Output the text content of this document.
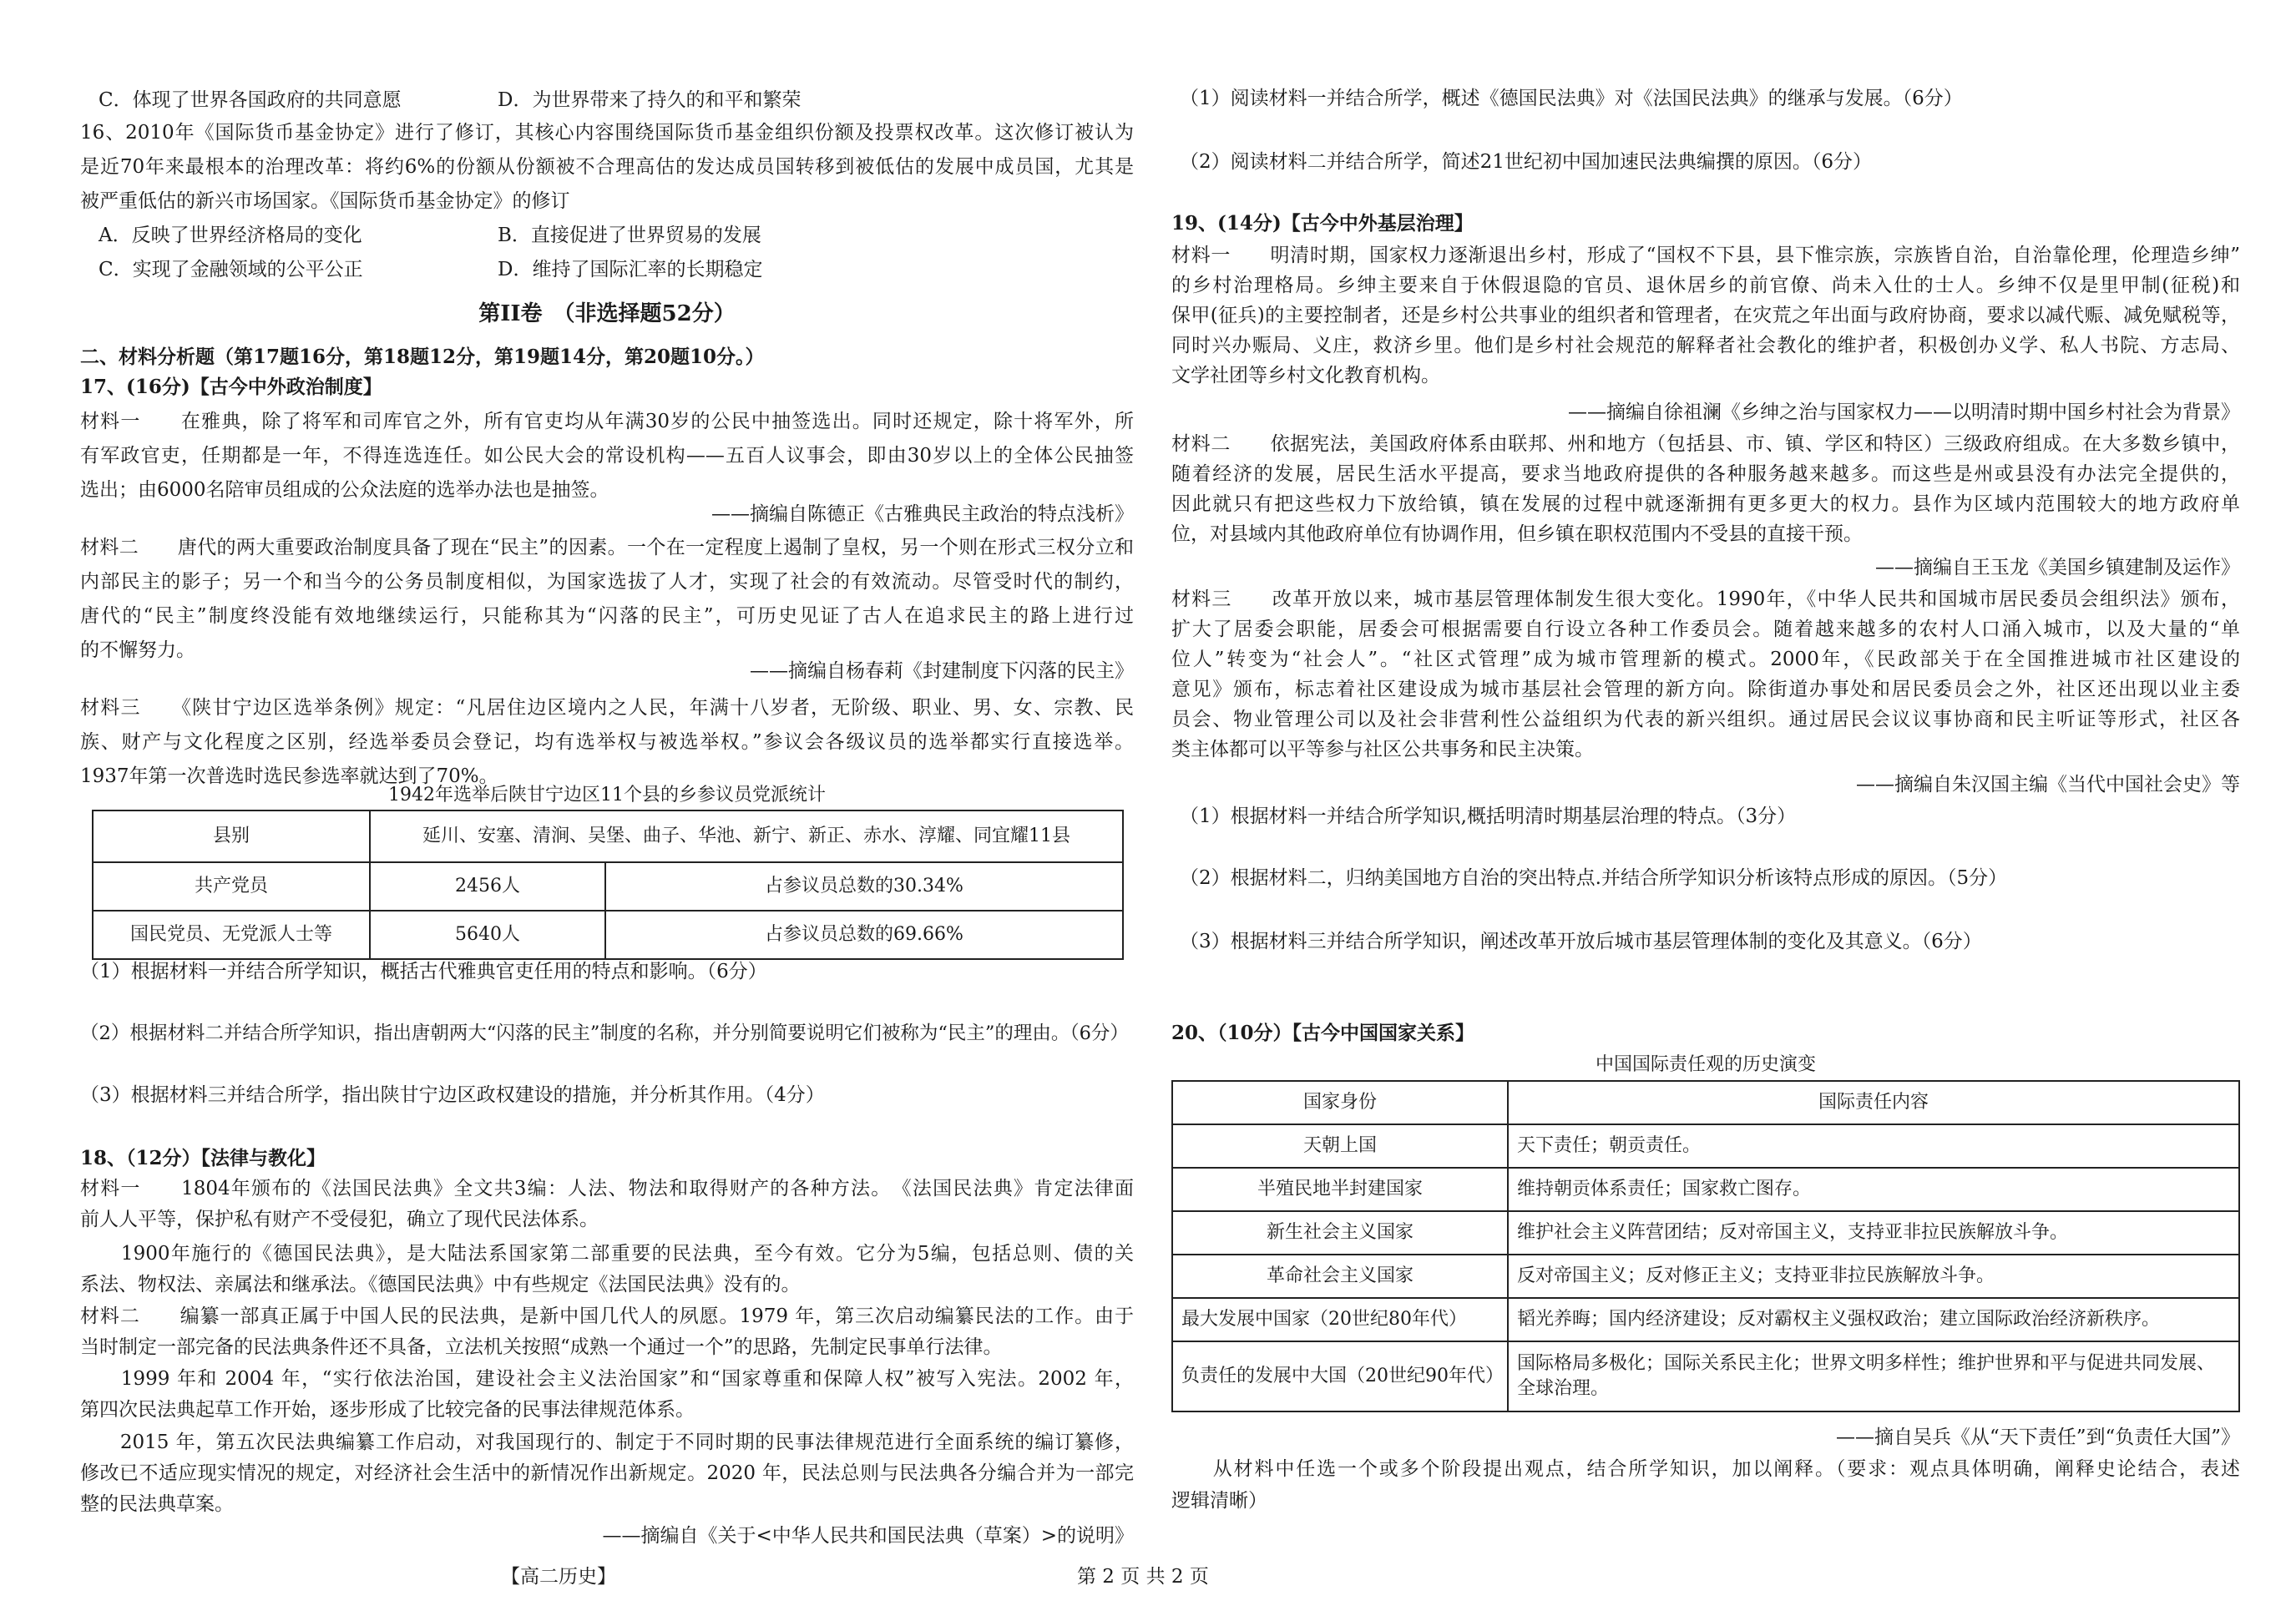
C．体现了世界各国政府的共同意愿	D．为世界带来了持久的和平和繁荣
16、2010年《国际货币基金协定》进行了修订，其核心内容围绕国际货币基金组织份额及投票权改革。这次修订被认为
是近70年来最根本的治理改革：将约6%的份额从份额被不合理高估的发达成员国转移到被低估的发展中成员国，尤其是
被严重低估的新兴市场国家。《国际货币基金协定》的修订
A．反映了世界经济格局的变化	B．直接促进了世界贸易的发展
C．实现了金融领域的公平公正	D．维持了国际汇率的长期稳定
第II卷　（非选择题52分）
二、材料分析题（第17题16分，第18题12分，第19题14分，第20题10分。）
17、(16分)【古今中外政治制度】
材料一　　在雅典，除了将军和司库官之外，所有官吏均从年满30岁的公民中抽签选出。同时还规定，除十将军外，所
有军政官吏，任期都是一年，不得连选连任。如公民大会的常设机构——五百人议事会，即由30岁以上的全体公民抽签
选出；由6000名陪审员组成的公众法庭的选举办法也是抽签。
——摘编自陈德正《古雅典民主政治的特点浅析》
材料二　　唐代的两大重要政治制度具备了现在“民主”的因素。一个在一定程度上遏制了皇权，另一个则在形式三权分立和
内部民主的影子；另一个和当今的公务员制度相似，为国家选拔了人才，实现了社会的有效流动。尽管受时代的制约，
唐代的“民主”制度终没能有效地继续运行，只能称其为“闪落的民主”，可历史见证了古人在追求民主的路上进行过
的不懈努力。
——摘编自杨春莉《封建制度下闪落的民主》
材料三　　《陕甘宁边区选举条例》规定：“凡居住边区境内之人民，年满十八岁者，无阶级、职业、男、女、宗教、民
族、财产与文化程度之区别，经选举委员会登记，均有选举权与被选举权。”参议会各级议员的选举都实行直接选举。
1937年第一次普选时选民参选率就达到了70%。
1942年选举后陕甘宁边区11个县的乡参议员党派统计
县别	延川、安塞、清涧、吴堡、曲子、华池、新宁、新正、赤水、淳耀、同宜耀11县	
共产党员	2456人	占参议员总数的30.34%
国民党员、无党派人士等	5640人	占参议员总数的69.66%
（1）根据材料一并结合所学知识，概括古代雅典官吏任用的特点和影响。（6分）
（2）根据材料二并结合所学知识，指出唐朝两大“闪落的民主”制度的名称，并分别简要说明它们被称为“民主”的理由。（6分）
（3）根据材料三并结合所学，指出陕甘宁边区政权建设的措施，并分析其作用。（4分）
18、（12分）【法律与教化】
材料一　　1804年颁布的《法国民法典》全文共3编：人法、物法和取得财产的各种方法。　《法国民法典》肯定法律面
前人人平等，保护私有财产不受侵犯，确立了现代民法体系。
　　1900年施行的《德国民法典》，是大陆法系国家第二部重要的民法典，至今有效。它分为5编，包括总则、债的关
系法、物权法、亲属法和继承法。《德国民法典》中有些规定《法国民法典》没有的。
材料二　　编纂一部真正属于中国人民的民法典，是新中国几代人的夙愿。1979 年，第三次启动编纂民法的工作。由于
当时制定一部完备的民法典条件还不具备，立法机关按照“成熟一个通过一个”的思路，先制定民事单行法律。
　　1999 年和 2004 年，“实行依法治国，建设社会主义法治国家”和“国家尊重和保障人权”被写入宪法。2002 年，
第四次民法典起草工作开始，逐步形成了比较完备的民事法律规范体系。
　　2015 年，第五次民法典编纂工作启动，对我国现行的、制定于不同时期的民事法律规范进行全面系统的编订纂修，
修改已不适应现实情况的规定，对经济社会生活中的新情况作出新规定。2020 年，民法总则与民法典各分编合并为一部完
整的民法典草案。
——摘编自《关于<中华人民共和国民法典（草案）>的说明》
（1）阅读材料一并结合所学，概述《德国民法典》对《法国民法典》的继承与发展。（6分）
（2）阅读材料二并结合所学，简述21世纪初中国加速民法典编撰的原因。（6分）
19、(14分)【古今中外基层治理】
材料一　　明清时期，国家权力逐渐退出乡村，形成了“国权不下县，县下惟宗族，宗族皆自治，自治靠伦理，伦理造乡绅”
的乡村治理格局。乡绅主要来自于休假退隐的官员、退休居乡的前官僚、尚未入仕的士人。乡绅不仅是里甲制(征税)和
保甲(征兵)的主要控制者，还是乡村公共事业的组织者和管理者，在灾荒之年出面与政府协商，要求以减代赈、减免赋税等，
同时兴办赈局、义庄，救济乡里。他们是乡村社会规范的解释者社会教化的维护者，积极创办义学、私人书院、方志局、
文学社团等乡村文化教育机构。
——摘编自徐祖澜《乡绅之治与国家权力——以明清时期中国乡村社会为背景》
材料二　　依据宪法，美国政府体系由联邦、州和地方（包括县、市、镇、学区和特区）三级政府组成。在大多数乡镇中，
随着经济的发展，居民生活水平提高，要求当地政府提供的各种服务越来越多。而这些是州或县没有办法完全提供的，
因此就只有把这些权力下放给镇，镇在发展的过程中就逐渐拥有更多更大的权力。县作为区域内范围较大的地方政府单
位，对县域内其他政府单位有协调作用，但乡镇在职权范围内不受县的直接干预。
——摘编自王玉龙《美国乡镇建制及运作》
材料三　　改革开放以来，城市基层管理体制发生很大变化。1990年，《中华人民共和国城市居民委员会组织法》颁布，
扩大了居委会职能，居委会可根据需要自行设立各种工作委员会。随着越来越多的农村人口涌入城市，以及大量的“单
位人”转变为“社会人”。“社区式管理”成为城市管理新的模式。2000年，《民政部关于在全国推进城市社区建设的
意见》颁布，标志着社区建设成为城市基层社会管理的新方向。除街道办事处和居民委员会之外，社区还出现以业主委
员会、物业管理公司以及社会非营利性公益组织为代表的新兴组织。通过居民会议议事协商和民主听证等形式，社区各
类主体都可以平等参与社区公共事务和民主决策。
——摘编自朱汉国主编《当代中国社会史》等
（1）根据材料一并结合所学知识,概括明清时期基层治理的特点。（3分）
（2）根据材料二，归纳美国地方自治的突出特点.并结合所学知识分析该特点形成的原因。（5分）
（3）根据材料三并结合所学知识，阐述改革开放后城市基层管理体制的变化及其意义。（6分）
20、（10分）【古今中国国家关系】
中国国际责任观的历史演变
国家身份	国际责任内容
天朝上国	天下责任；朝贡责任。
半殖民地半封建国家	维持朝贡体系责任；国家救亡图存。
新生社会主义国家	维护社会主义阵营团结；反对帝国主义，支持亚非拉民族解放斗争。
革命社会主义国家	反对帝国主义；反对修正主义；支持亚非拉民族解放斗争。
最大发展中国家（20世纪80年代）	韬光养晦；国内经济建设；反对霸权主义强权政治；建立国际政治经济新秩序。
负责任的发展中大国（20世纪90年代）	国际格局多极化；国际关系民主化；世界文明多样性；维护世界和平与促进共同发展、全球治理。
——摘自吴兵《从“天下责任”到“负责任大国”》
　　从材料中任选一个或多个阶段提出观点，结合所学知识，加以阐释。（要求：观点具体明确，阐释史论结合，表述
逻辑清晰）
【高二历史】	第 2 页 共 2 页
